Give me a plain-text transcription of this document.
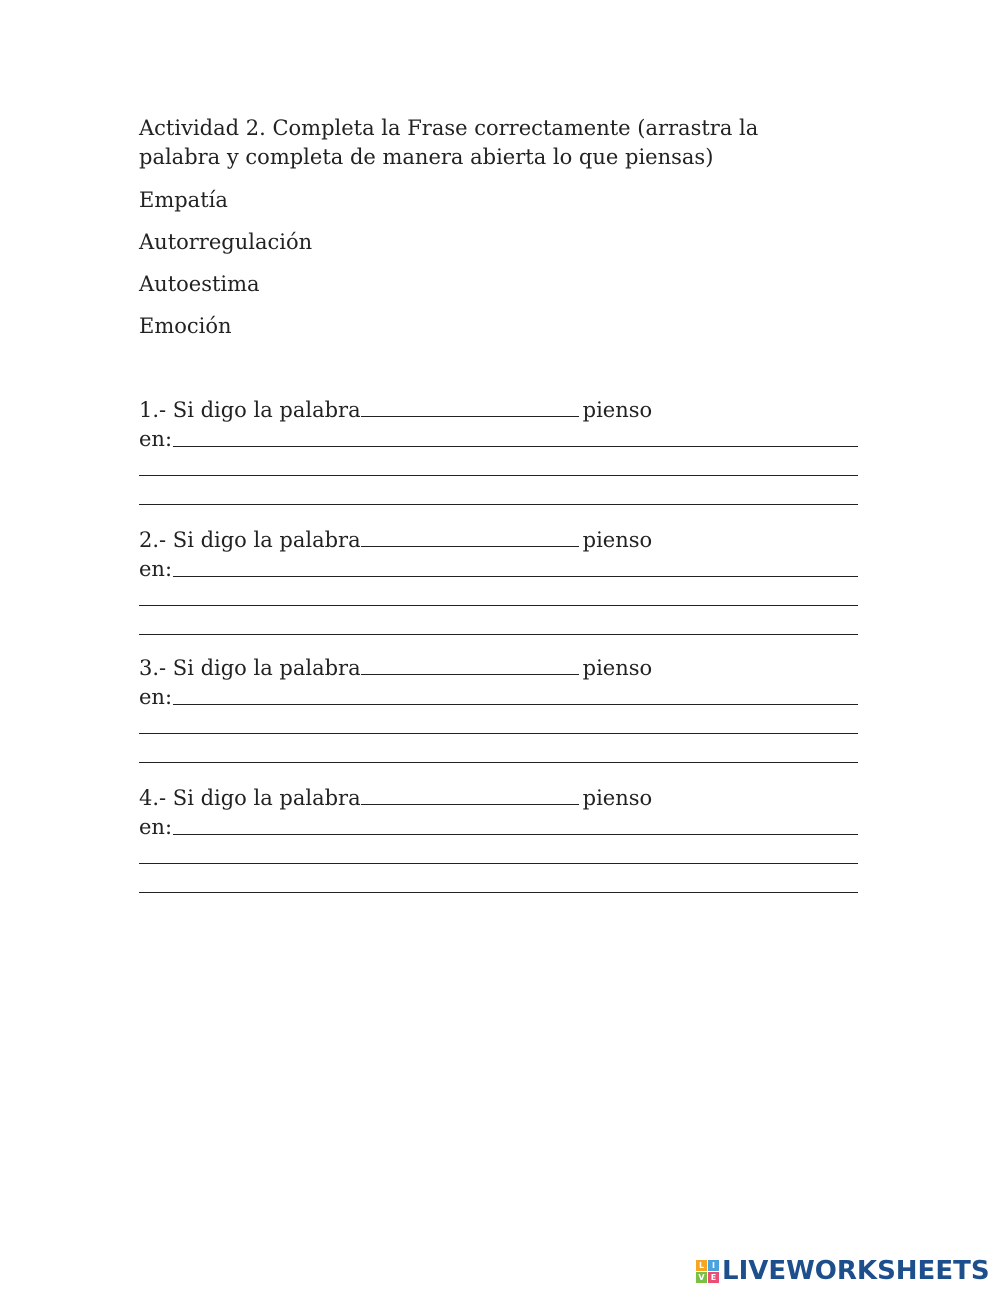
Actividad 2. Completa la Frase correctamente (arrastra la palabra y completa de manera abierta lo que piensas)

Empatía

Autorregulación

Autoestima

Emoción

1.- Si digo la palabra	pienso
en:
2.- Si digo la palabra	pienso
en:
3.- Si digo la palabra	pienso
en:
4.- Si digo la palabra	pienso
en:
L I
V E LIVEWORKSHEETS
